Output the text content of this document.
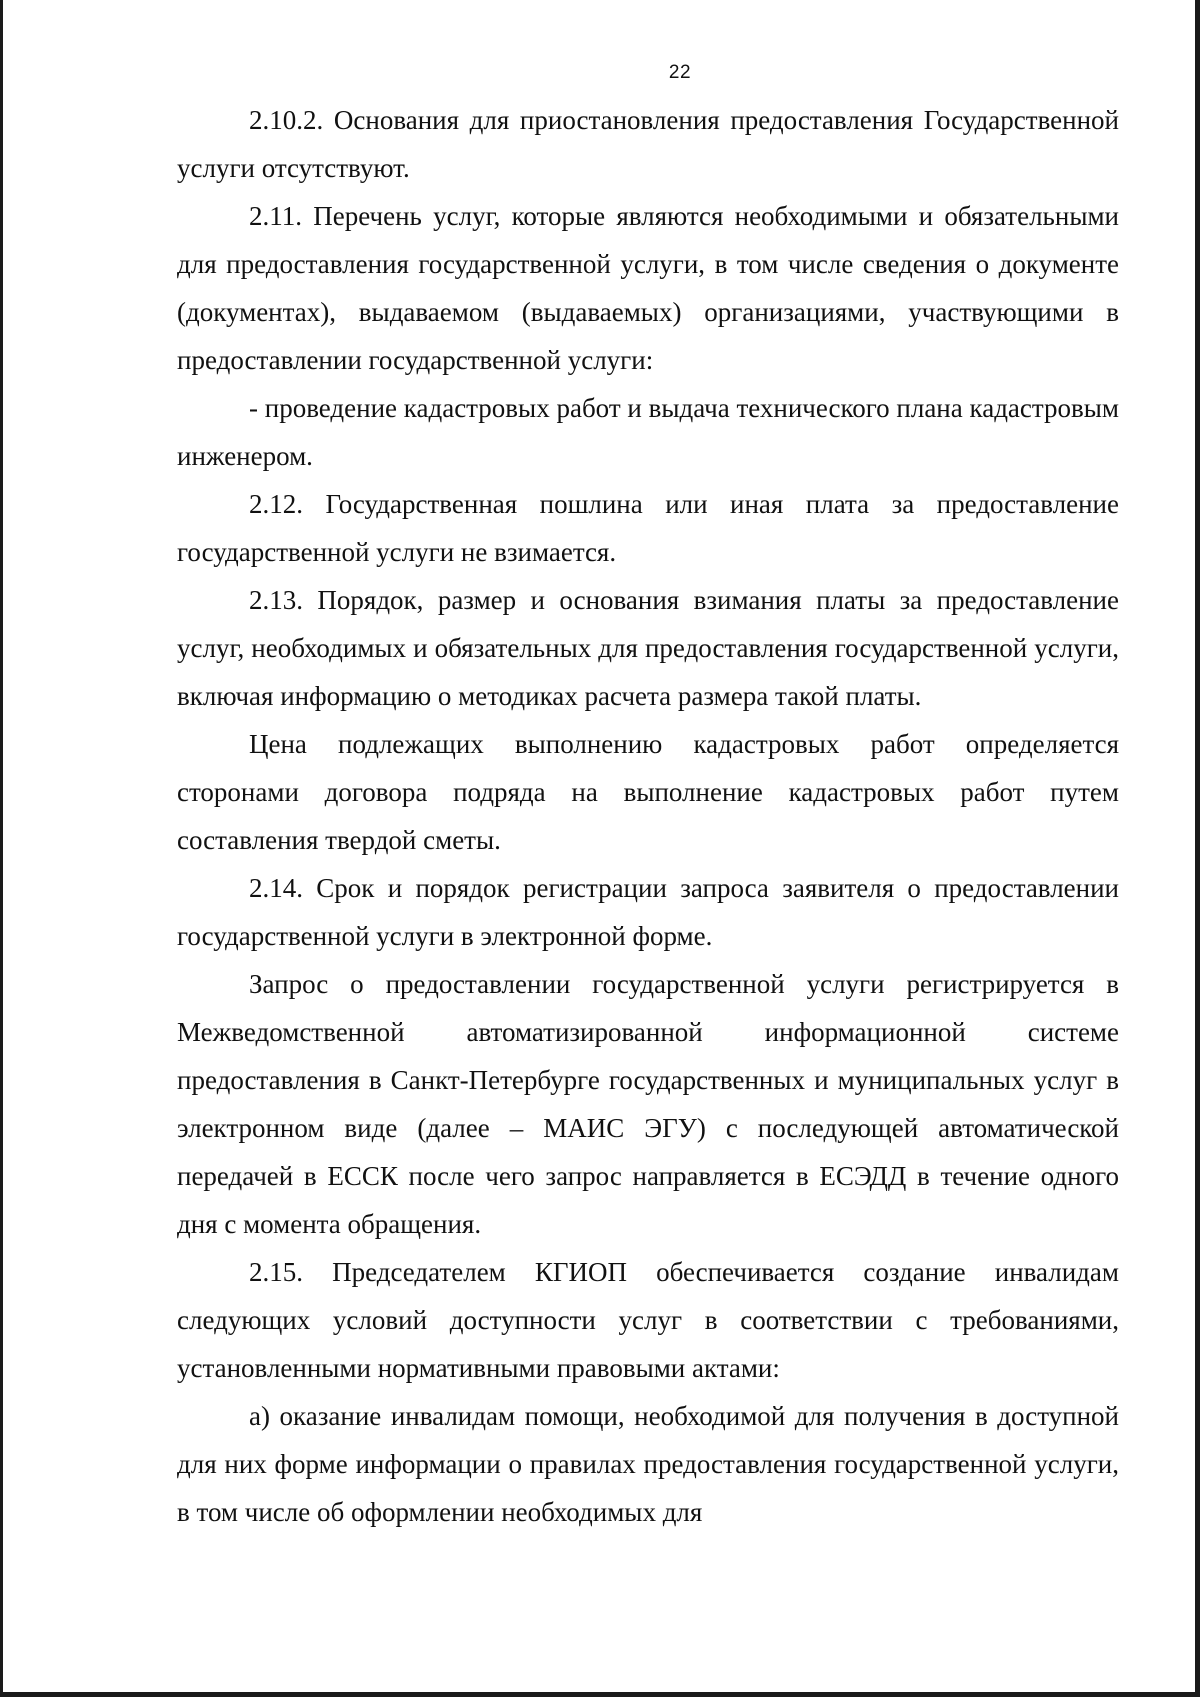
22

2.10.2. Основания для приостановления предоставления Государственной услуги отсутствуют.

2.11. Перечень услуг, которые являются необходимыми и обязательными для предоставления государственной услуги, в том числе сведения о документе (документах), выдаваемом (выдаваемых) организациями, участвующими в предоставлении государственной услуги:

- проведение кадастровых работ и выдача технического плана кадастровым инженером.

2.12. Государственная пошлина или иная плата за предоставление государственной услуги не взимается.

2.13. Порядок, размер и основания взимания платы за предоставление услуг, необходимых и обязательных для предоставления государственной услуги, включая информацию о методиках расчета размера такой платы.

Цена подлежащих выполнению кадастровых работ определяется сторонами договора подряда на выполнение кадастровых работ путем составления твердой сметы.

2.14. Срок и порядок регистрации запроса заявителя о предоставлении государственной услуги в электронной форме.

Запрос о предоставлении государственной услуги регистрируется в Межведомственной автоматизированной информационной системе предоставления в Санкт-Петербурге государственных и муниципальных услуг в электронном виде (далее – МАИС ЭГУ) с последующей автоматической передачей в ЕССК после чего запрос направляется в ЕСЭДД в течение одного дня с момента обращения.

2.15. Председателем КГИОП обеспечивается создание инвалидам следующих условий доступности услуг в соответствии с требованиями, установленными нормативными правовыми актами:

а) оказание инвалидам помощи, необходимой для получения в доступной для них форме информации о правилах предоставления государственной услуги, в том числе об оформлении необходимых для
